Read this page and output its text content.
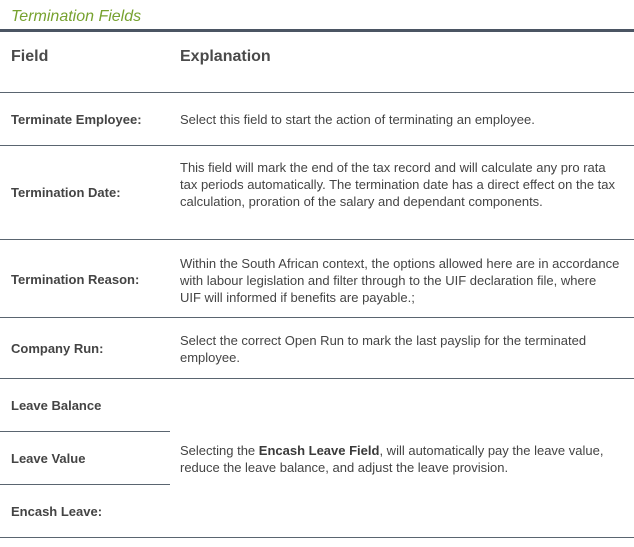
Termination Fields
Field	Explanation
Terminate Employee:	Select this field to start the action of terminating an employee.
Termination Date:
This field will mark the end of the tax record and will calculate any pro rata tax periods automatically. The termination date has a direct effect on the tax calculation, proration of the salary and dependant components.
Termination Reason:
Within the South African context, the options allowed here are in accordance with labour legislation and filter through to the UIF declaration file, where UIF will informed if benefits are payable.;
Company Run:
Select the correct Open Run to mark the last payslip for the terminated employee.
Leave Balance
Leave Value
Encash Leave:
Selecting the Encash Leave Field, will automatically pay the leave value, reduce the leave balance, and adjust the leave provision.
